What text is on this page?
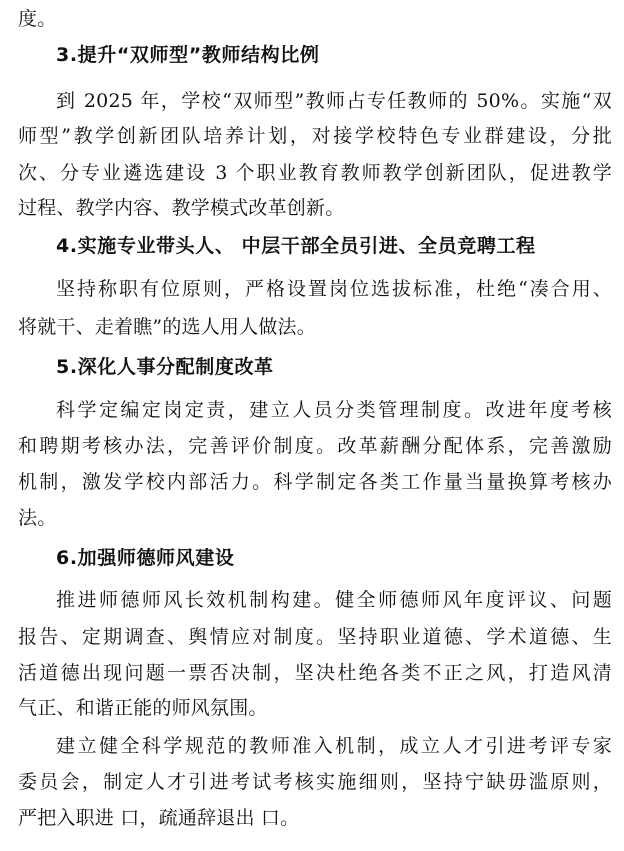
度。
3.提升“双师型”教师结构比例
到 2025 年，学校“双师型”教师占专任教师的 50%。实施“双
师型”教学创新团队培养计划，对接学校特色专业群建设，分批
次、分专业遴选建设 3 个职业教育教师教学创新团队，促进教学
过程、教学内容、教学模式改革创新。
4.实施专业带头人、 中层干部全员引进、全员竞聘工程
坚持称职有位原则，严格设置岗位选拔标准，杜绝“凑合用、
将就干、走着瞧”的选人用人做法。
5.深化人事分配制度改革
科学定编定岗定责，建立人员分类管理制度。改进年度考核
和聘期考核办法，完善评价制度。改革薪酬分配体系，完善激励
机制，激发学校内部活力。科学制定各类工作量当量换算考核办
法。
6.加强师德师风建设
推进师德师风长效机制构建。健全师德师风年度评议、问题
报告、定期调查、舆情应对制度。坚持职业道德、学术道德、生
活道德出现问题一票否决制，坚决杜绝各类不正之风，打造风清
气正、和谐正能的师风氛围。
建立健全科学规范的教师准入机制，成立人才引进考评专家
委员会，制定人才引进考试考核实施细则，坚持宁缺毋滥原则，
严把入职进 口，疏通辞退出 口。
